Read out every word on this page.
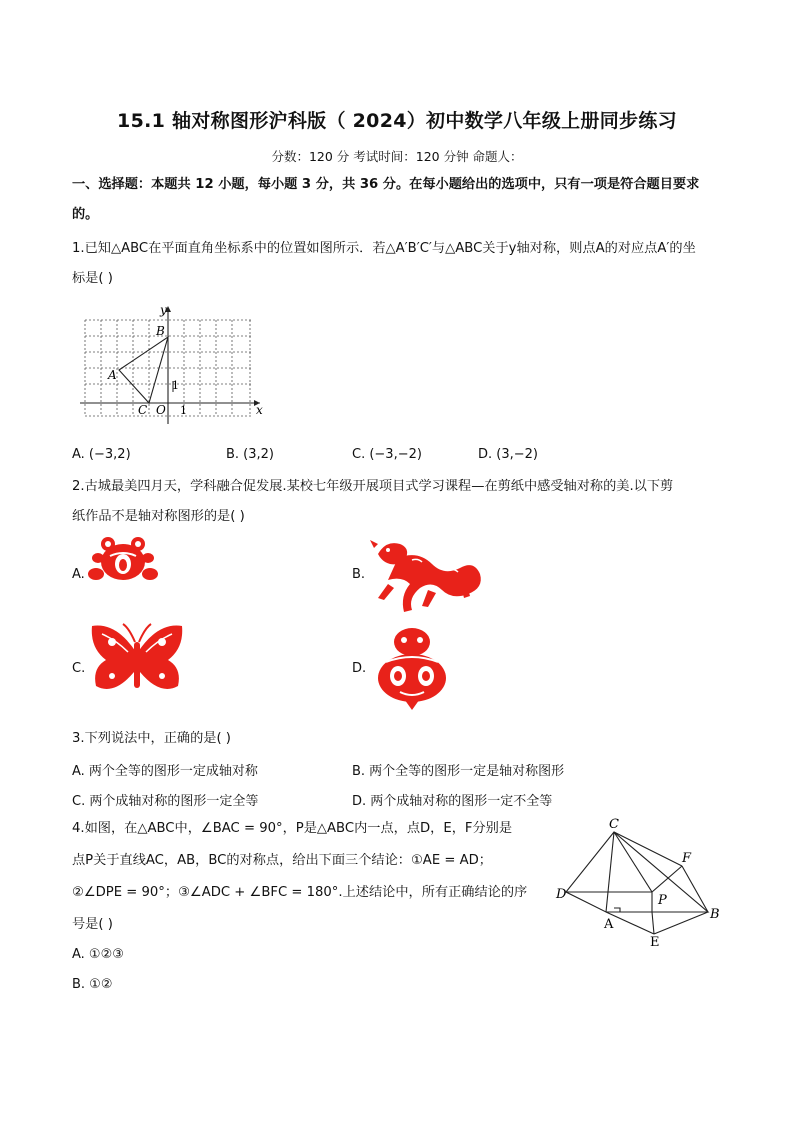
15.1 轴对称图形沪科版（ 2024）初中数学八年级上册同步练习
分数：120 分 考试时间：120 分钟 命题人：
一、选择题：本题共 12 小题，每小题 3 分，共 36 分。在每小题给出的选项中，只有一项是符合题目要求
的。
1.已知△ABC在平面直角坐标系中的位置如图所示．若△A′B′C′与△ABC关于y轴对称，则点A的对应点A′的坐
标是( )
y
x
A
B
C O 1
1
A. (−3,2)	B. (3,2)	C. (−3,−2)	D. (3,−2)
2.古城最美四月天，学科融合促发展.某校七年级开展项目式学习课程—在剪纸中感受轴对称的美.以下剪
纸作品不是轴对称图形的是( )
A.	B.
C.	D.
3.下列说法中，正确的是( )
A. 两个全等的图形一定成轴对称	B. 两个全等的图形一定是轴对称图形
C. 两个成轴对称的图形一定全等	D. 两个成轴对称的图形一定不全等
4.如图，在△ABC中，∠BAC = 90°，P是△ABC内一点，点D，E，F分别是
点P关于直线AC，AB，BC的对称点，给出下面三个结论：①AE = AD；
②∠DPE = 90°；③∠ADC + ∠BFC = 180°.上述结论中，所有正确结论的序
号是( )
C
F
D	P
B
A
E
A. ①②③
B. ①②
